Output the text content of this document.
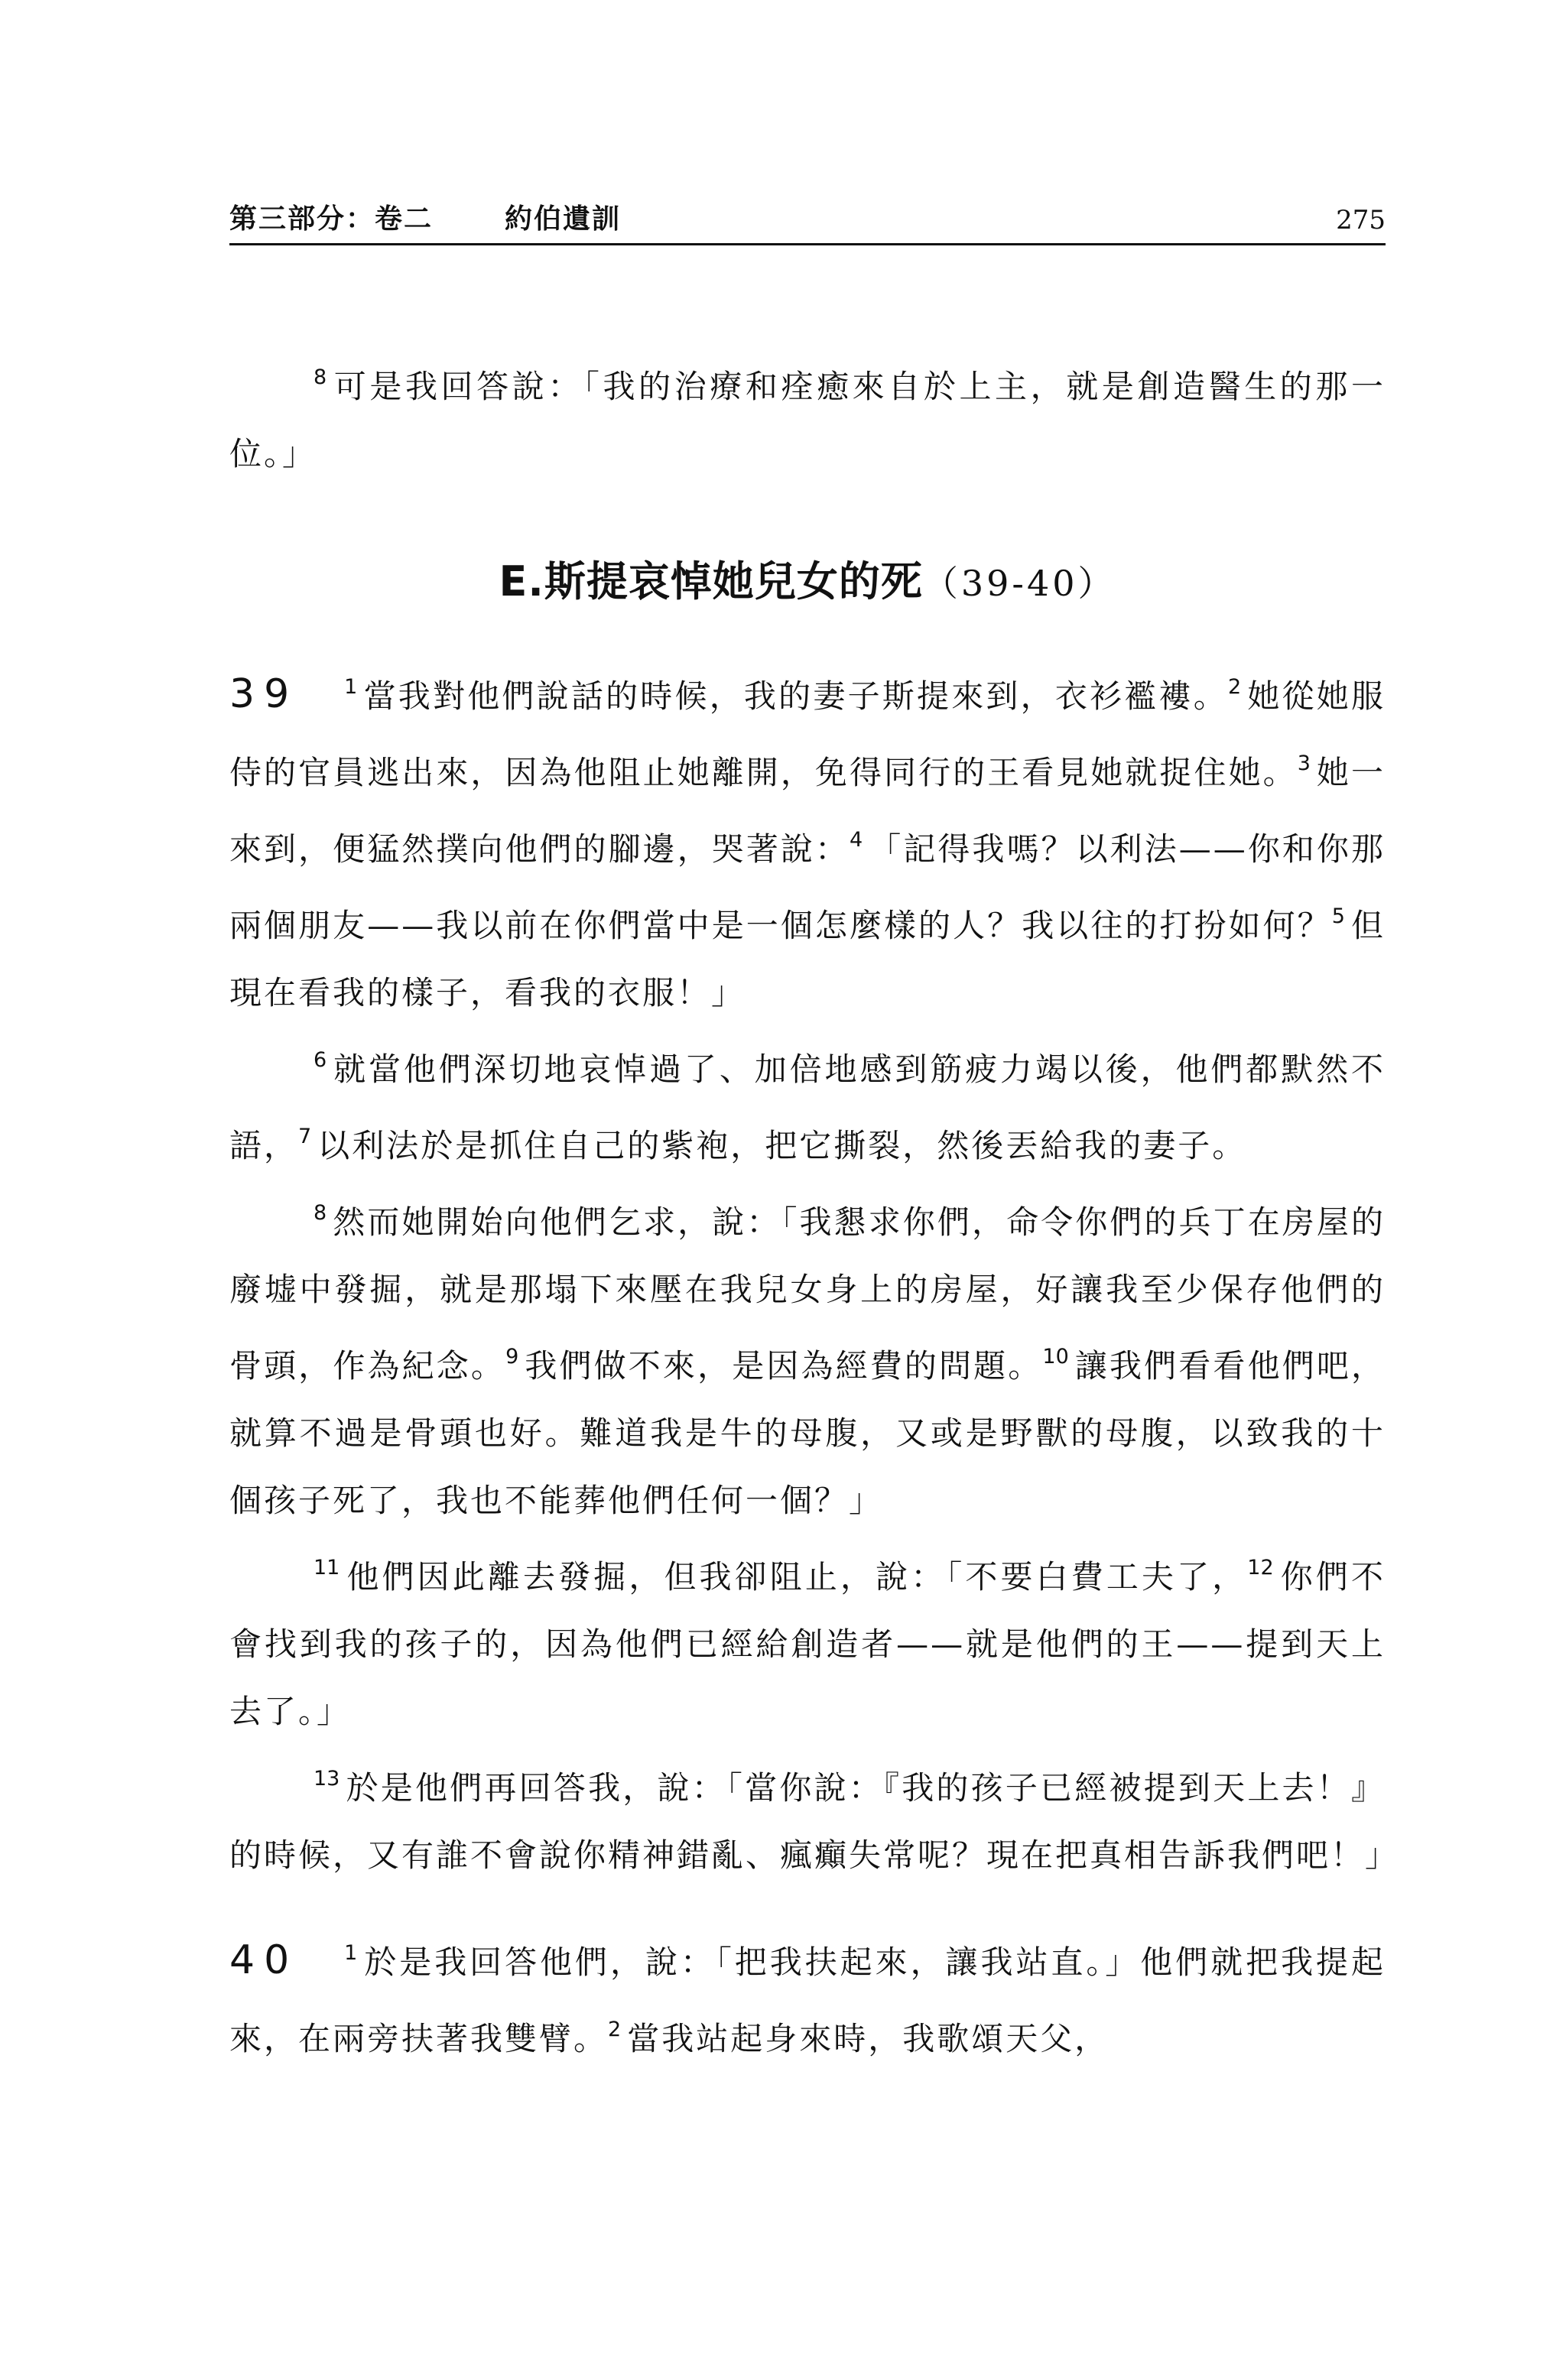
第三部分：卷二	約伯遺訓	275

$^8$ 可是我回答說：「我的治療和痊癒來自於上主，就是創造醫生的那一位。」

E.斯提哀悼她兒女的死（39-40）

39 $^1$ 當我對他們說話的時候，我的妻子斯提來到，衣衫襤褸。$^2$ 她從她服侍的官員逃出來，因為他阻止她離開，免得同行的王看見她就捉住她。$^3$ 她一來到，便猛然撲向他們的腳邊，哭著說：$^4$ 「記得我嗎？以利法——你和你那兩個朋友——我以前在你們當中是一個怎麼樣的人？我以往的打扮如何？$^5$ 但現在看我的樣子，看我的衣服！」

$^6$ 就當他們深切地哀悼過了、加倍地感到筋疲力竭以後，他們都默然不語，$^7$ 以利法於是抓住自己的紫袍，把它撕裂，然後丟給我的妻子。

$^8$ 然而她開始向他們乞求，說：「我懇求你們，命令你們的兵丁在房屋的廢墟中發掘，就是那塌下來壓在我兒女身上的房屋，好讓我至少保存他們的骨頭，作為紀念。$^9$ 我們做不來，是因為經費的問題。$^{10}$ 讓我們看看他們吧，就算不過是骨頭也好。難道我是牛的母腹，又或是野獸的母腹，以致我的十個孩子死了，我也不能葬他們任何一個？」

$^{11}$ 他們因此離去發掘，但我卻阻止，說：「不要白費工夫了，$^{12}$ 你們不會找到我的孩子的，因為他們已經給創造者——就是他們的王——提到天上去了。」

$^{13}$ 於是他們再回答我，說：「當你說：『我的孩子已經被提到天上去！』的時候，又有誰不會說你精神錯亂、瘋癲失常呢？現在把真相告訴我們吧！」

40 $^1$ 於是我回答他們，說：「把我扶起來，讓我站直。」他們就把我提起來，在兩旁扶著我雙臂。$^2$ 當我站起身來時，我歌頌天父，
